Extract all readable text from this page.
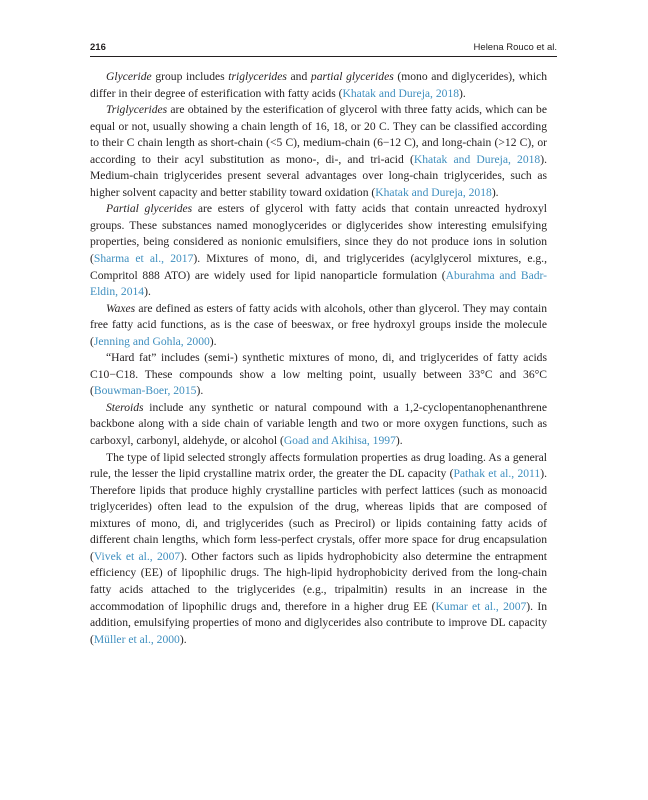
216	Helena Rouco et al.

Glyceride group includes triglycerides and partial glycerides (mono and diglycerides), which differ in their degree of esterification with fatty acids (Khatak and Dureja, 2018).

Triglycerides are obtained by the esterification of glycerol with three fatty acids, which can be equal or not, usually showing a chain length of 16, 18, or 20 C. They can be classified according to their C chain length as short-chain (<5 C), medium-chain (6−12 C), and long-chain (>12 C), or according to their acyl substitution as mono-, di-, and tri-acid (Khatak and Dureja, 2018). Medium-chain triglycerides present several advantages over long-chain triglycerides, such as higher solvent capacity and better stability toward oxidation (Khatak and Dureja, 2018).

Partial glycerides are esters of glycerol with fatty acids that contain unreacted hydroxyl groups. These substances named monoglycerides or diglycerides show interesting emulsifying properties, being considered as nonionic emulsifiers, since they do not produce ions in solution (Sharma et al., 2017). Mixtures of mono, di, and triglycerides (acylglycerol mixtures, e.g., Compritol 888 ATO) are widely used for lipid nanoparticle formulation (Aburahma and Badr-Eldin, 2014).

Waxes are defined as esters of fatty acids with alcohols, other than glycerol. They may contain free fatty acid functions, as is the case of beeswax, or free hydroxyl groups inside the molecule (Jenning and Gohla, 2000).

“Hard fat” includes (semi-) synthetic mixtures of mono, di, and triglycerides of fatty acids C10−C18. These compounds show a low melting point, usually between 33°C and 36°C (Bouwman-Boer, 2015).

Steroids include any synthetic or natural compound with a 1,2-cyclopentanophenanthrene backbone along with a side chain of variable length and two or more oxygen functions, such as carboxyl, carbonyl, aldehyde, or alcohol (Goad and Akihisa, 1997).

The type of lipid selected strongly affects formulation properties as drug loading. As a general rule, the lesser the lipid crystalline matrix order, the greater the DL capacity (Pathak et al., 2011). Therefore lipids that produce highly crystalline particles with perfect lattices (such as monoacid triglycerides) often lead to the expulsion of the drug, whereas lipids that are composed of mixtures of mono, di, and triglycerides (such as Precirol) or lipids containing fatty acids of different chain lengths, which form less-perfect crystals, offer more space for drug encapsulation (Vivek et al., 2007). Other factors such as lipids hydrophobicity also determine the entrapment efficiency (EE) of lipophilic drugs. The high-lipid hydrophobicity derived from the long-chain fatty acids attached to the triglycerides (e.g., tripalmitin) results in an increase in the accommodation of lipophilic drugs and, therefore in a higher drug EE (Kumar et al., 2007). In addition, emulsifying properties of mono and diglycerides also contribute to improve DL capacity (Müller et al., 2000).
